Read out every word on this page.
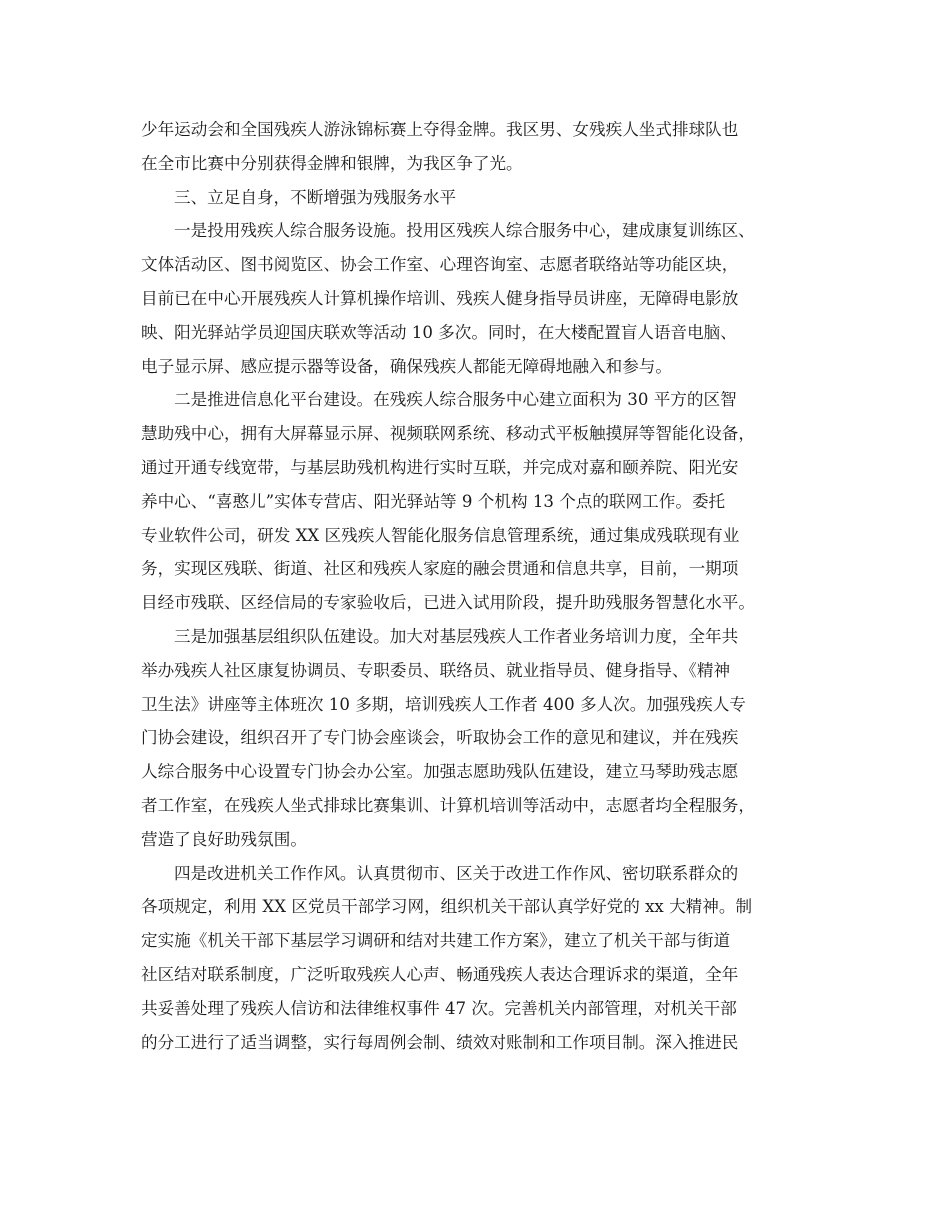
少年运动会和全国残疾人游泳锦标赛上夺得金牌。我区男、女残疾人坐式排球队也
在全市比赛中分别获得金牌和银牌，为我区争了光。
三、立足自身，不断增强为残服务水平
一是投用残疾人综合服务设施。投用区残疾人综合服务中心，建成康复训练区、
文体活动区、图书阅览区、协会工作室、心理咨询室、志愿者联络站等功能区块，
目前已在中心开展残疾人计算机操作培训、残疾人健身指导员讲座，无障碍电影放
映、阳光驿站学员迎国庆联欢等活动 10 多次。同时，在大楼配置盲人语音电脑、
电子显示屏、感应提示器等设备，确保残疾人都能无障碍地融入和参与。
二是推进信息化平台建设。在残疾人综合服务中心建立面积为 30 平方的区智
慧助残中心，拥有大屏幕显示屏、视频联网系统、移动式平板触摸屏等智能化设备，
通过开通专线宽带，与基层助残机构进行实时互联，并完成对嘉和颐养院、阳光安
养中心、“喜憨儿”实体专营店、阳光驿站等 9 个机构 13 个点的联网工作。委托
专业软件公司，研发 XX 区残疾人智能化服务信息管理系统，通过集成残联现有业
务，实现区残联、街道、社区和残疾人家庭的融会贯通和信息共享，目前，一期项
目经市残联、区经信局的专家验收后，已进入试用阶段，提升助残服务智慧化水平。
三是加强基层组织队伍建设。加大对基层残疾人工作者业务培训力度，全年共
举办残疾人社区康复协调员、专职委员、联络员、就业指导员、健身指导、《精神
卫生法》讲座等主体班次 10 多期，培训残疾人工作者 400 多人次。加强残疾人专
门协会建设，组织召开了专门协会座谈会，听取协会工作的意见和建议，并在残疾
人综合服务中心设置专门协会办公室。加强志愿助残队伍建设，建立马琴助残志愿
者工作室，在残疾人坐式排球比赛集训、计算机培训等活动中，志愿者均全程服务，
营造了良好助残氛围。
四是改进机关工作作风。认真贯彻市、区关于改进工作作风、密切联系群众的
各项规定，利用 XX 区党员干部学习网，组织机关干部认真学好党的 xx 大精神。制
定实施《机关干部下基层学习调研和结对共建工作方案》，建立了机关干部与街道
社区结对联系制度，广泛听取残疾人心声、畅通残疾人表达合理诉求的渠道，全年
共妥善处理了残疾人信访和法律维权事件 47 次。完善机关内部管理，对机关干部
的分工进行了适当调整，实行每周例会制、绩效对账制和工作项目制。深入推进民
